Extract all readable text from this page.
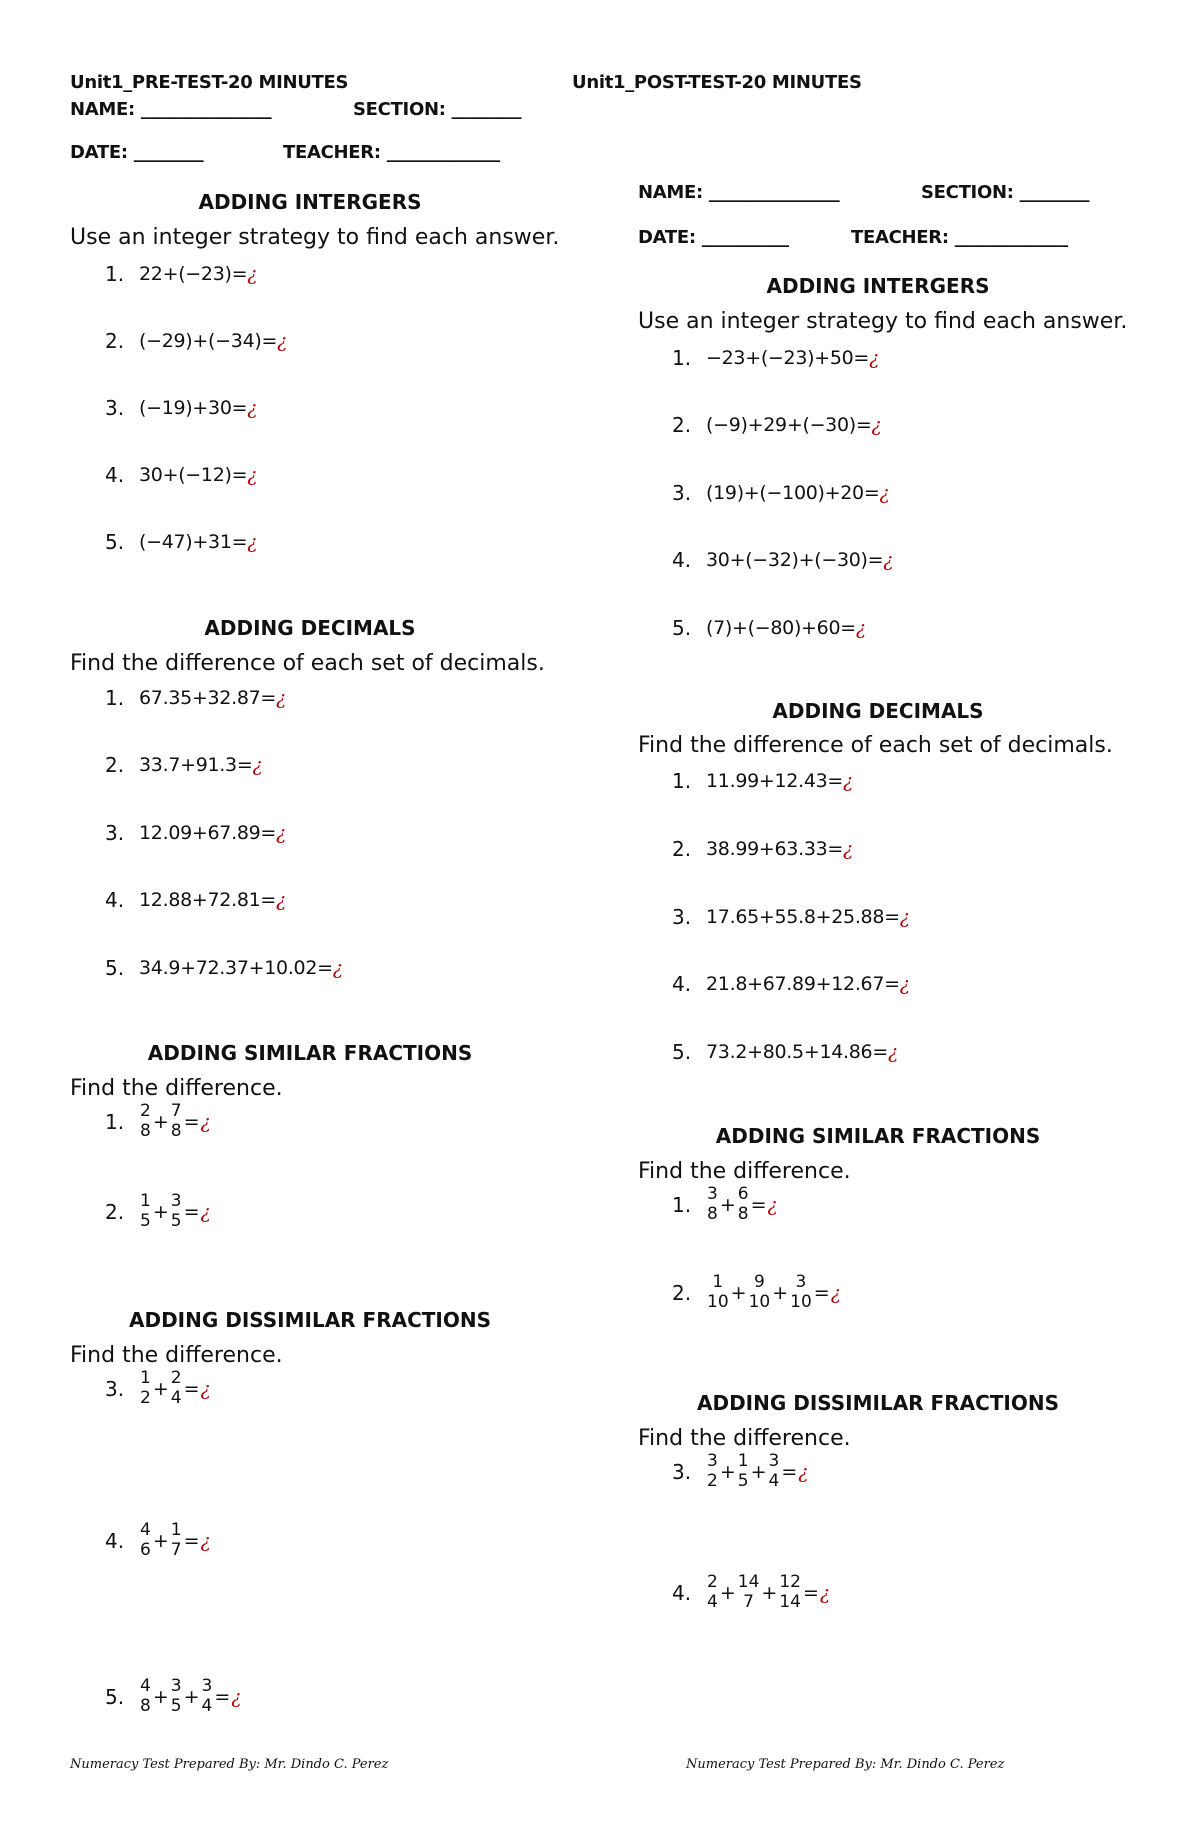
Unit1_PRE-TEST-20 MINUTES
NAME: _______________	SECTION: ________
DATE: ________	TEACHER: _____________
ADDING INTERGERS
Use an integer strategy to find each answer.
1. 22+(−23)= ¿
2. (−29)+(−34)= ¿
3. (−19)+30= ¿
4. 30+(−12)= ¿
5. (−47)+31= ¿
ADDING DECIMALS
Find the difference of each set of decimals.
1. 67.35+32.87= ¿
2. 33.7+91.3= ¿
3. 12.09+67.89= ¿
4. 12.88+72.81= ¿
5. 34.9+72.37+10.02= ¿
ADDING SIMILAR FRACTIONS
Find the difference.
1. 2
8 + 7
8 = ¿
2. 1
5 + 3
5 = ¿
ADDING DISSIMILAR FRACTIONS
Find the difference.
3. 1
2 + 2
4 = ¿
4. 4
6 + 1
7 = ¿
5. 4
8 + 3
5 + 3
4 = ¿
Numeracy Test Prepared By: Mr. Dindo C. Perez
Unit1_POST-TEST-20 MINUTES
NAME: _______________	SECTION: ________
DATE: __________	TEACHER: _____________
ADDING INTERGERS
Use an integer strategy to find each answer.
1. −23+(−23)+50= ¿
2. (−9)+29+(−30)= ¿
3. (19)+(−100)+20= ¿
4. 30+(−32)+(−30)= ¿
5. (7)+(−80)+60= ¿
ADDING DECIMALS
Find the difference of each set of decimals.
1. 11.99+12.43= ¿
2. 38.99+63.33= ¿
3. 17.65+55.8+25.88= ¿
4. 21.8+67.89+12.67= ¿
5. 73.2+80.5+14.86= ¿
ADDING SIMILAR FRACTIONS
Find the difference.
1. 3
8 + 6
8 = ¿
2.	1
10 + 9
10 + 3
10 = ¿
ADDING DISSIMILAR FRACTIONS
Find the difference.
3. 3
2 + 1
5 + 3
4 = ¿
4. 2
4 + 14
7 + 12
14 = ¿
Numeracy Test Prepared By: Mr. Dindo C. Perez
